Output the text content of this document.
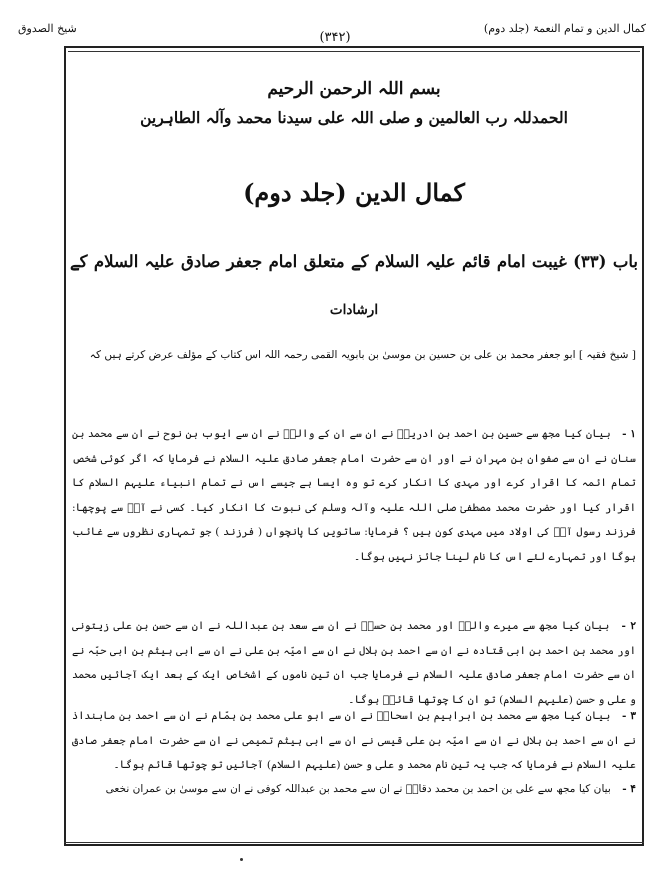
کمال الدین و تمام النعمۃ (جلد دوم)
شیخ الصدوق
(۳۴۲)
بسم اللہ الرحمن الرحیم
الحمدللہ رب العالمین و صلی اللہ علی سیدنا محمد وآلہ الطاہرین
کمال الدین (جلد دوم)
باب (۳۳) غیبت امام قائم علیہ السلام کے متعلق امام جعفر صادق علیہ السلام کے
ارشادات
[ شیخ فقیہ ] ابو جعفر محمد بن علی بن حسین بن موسیٰ بن بابویہ القمی رحمہ اللہ اس کتاب کے مؤلف عرض کرتے ہیں کہ
۱ - بیان کیا مجھ سے حسین بن احمد بن ادریسؒ نے ان سے ان کے والدؒ نے ان سے ایوب بن نوح نے ان سے محمد بن سنان نے ان سے صفوان بن مہران نے اور ان سے حضرت امام جعفر صادق علیہ السلام نے فرمایا کہ اگر کوئی شخص تمام ائمہ کا اقرار کرے اور مہدی کا انکار کرے تو وہ ایسا ہے جیسے اس نے تمام انبیاء علیہم السلام کا اقرار کیا اور حضرت محمد مصطفیٰ صلی اللہ علیہ وآلہ وسلم کی نبوت کا انکار کیا۔ کسی نے آپؑ سے پوچھا: فرزند رسول آپؑ کی اولاد میں مہدی کون ہیں ؟ فرمایا: ساتویں کا پانچواں ( فرزند ) جو تمہاری نظروں سے غائب ہوگا اور تمہارے لئے اس کا نام لینا جائز نہیں ہوگا۔
۲ - بیان کیا مجھ سے میرے والدؒ اور محمد بن حسنؒ نے ان سے سعد بن عبداللہ نے ان سے حسن بن علی زیتونی اور محمد بن احمد بن ابی قتادہ نے ان سے احمد بن ہلال نے ان سے امیّہ بن علی نے ان سے ابی ہیثم بن ابی حبّہ نے ان سے حضرت امام جعفر صادق علیہ السلام نے فرمایا جب ان تین ناموں کے اشخاص ایک کے بعد ایک آجائیں محمد و علی و حسن (علیہم السلام) تو ان کا چوتھا قائمؑ ہوگا۔
۳ - بیان کیا مجھ سے محمد بن ابراہیم بن اسحاقؒ نے ان سے ابو علی محمد بن ہمّام نے ان سے احمد بن مابنداذ نے ان سے احمد بن ہلال نے ان سے امیّہ بن علی قیسی نے ان سے ابی ہیثم تمیمی نے ان سے حضرت امام جعفر صادق علیہ السلام نے فرمایا کہ جب یہ تین نام محمد و علی و حسن (علیہم السلام) آجائیں تو چوتھا قائم ہوگا۔
۴ - بیان کیا مجھ سے علی بن احمد بن محمد دقاقؒ نے ان سے محمد بن عبداللہ کوفی نے ان سے موسیٰ بن عمران نخعی
